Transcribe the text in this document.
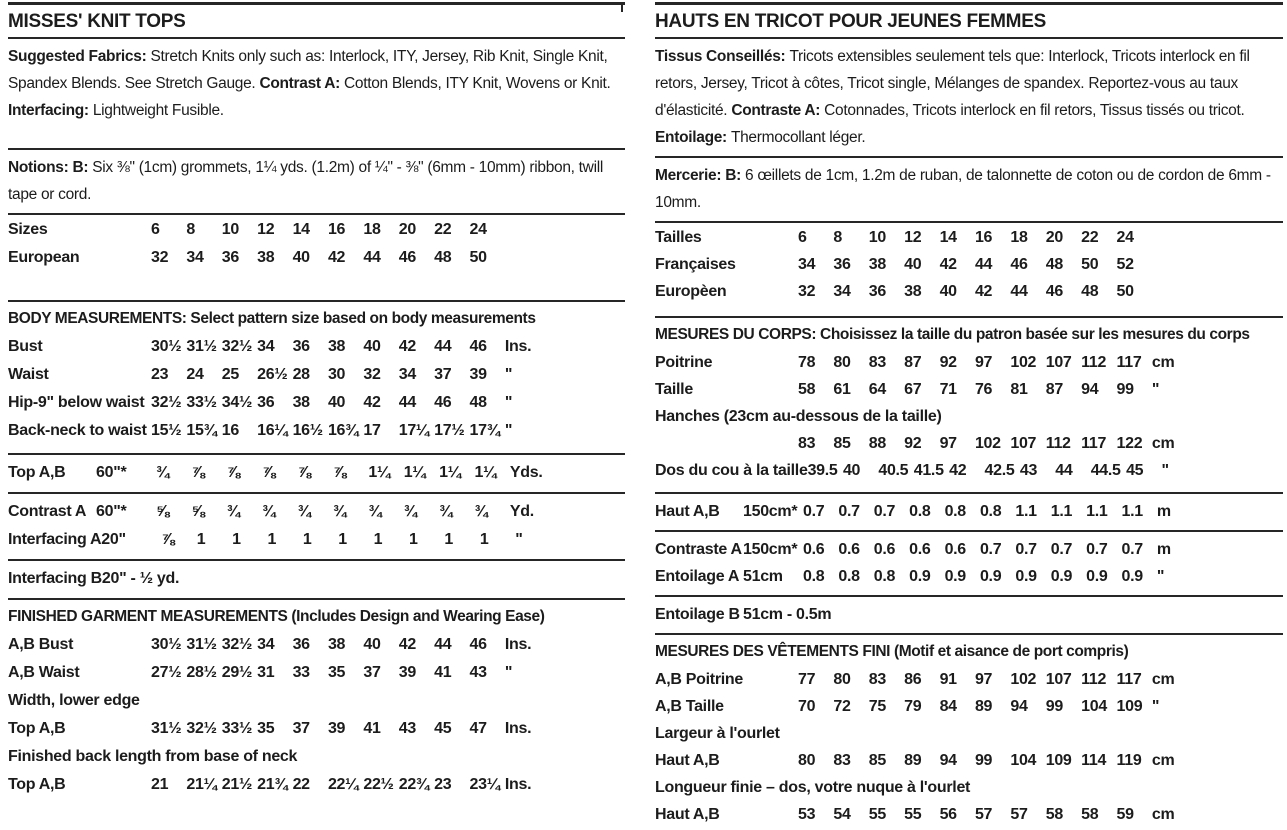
MISSES' KNIT TOPS
Suggested Fabrics: Stretch Knits only such as: Interlock, ITY, Jersey, Rib Knit, Single Knit, Spandex Blends. See Stretch Gauge. Contrast A: Cotton Blends, ITY Knit, Wovens or Knit. Interfacing: Lightweight Fusible.
Notions: B: Six ⅜" (1cm) grommets, 1¼ yds. (1.2m) of ¼" - ⅜" (6mm - 10mm) ribbon, twill tape or cord.
Sizes	6	8	10	12	14	16	18	20	22	24
European	32	34	36	38	40	42	44	46	48	50
BODY MEASUREMENTS: Select pattern size based on body measurements
Bust	30½ 31½ 32½ 34	36	38	40	42	44	46	Ins.
Waist	23	24	25	26½ 28	30	32	34	37	39	"
Hip-9" below waist 32½ 33½ 34½ 36	38	40	42	44	46	48	"
Back-neck to waist 15½ 15¾ 16	16¼ 16½ 16¾ 17	17¼ 17½ 17¾ "
Top A,B	60"*	¾	⅞	⅞	⅞	⅞	⅞	1¼ 1¼ 1¼ 1¼ Yds.
Contrast A 60"*	⅝	⅝	¾	¾	¾	¾	¾	¾	¾	¾	Yd.
Interfacing A 20"	⅞	1	1	1	1	1	1	1	1	1	"
Interfacing B 20" - ½ yd.
FINISHED GARMENT MEASUREMENTS (Includes Design and Wearing Ease)
A,B Bust	30½ 31½ 32½ 34	36	38	40	42	44	46	Ins.
A,B Waist	27½ 28½ 29½ 31	33	35	37	39	41	43	"
Width, lower edge
Top A,B	31½ 32½ 33½ 35	37	39	41	43	45	47	Ins.
Finished back length from base of neck
Top A,B	21	21¼ 21½ 21¾ 22	22¼ 22½ 22¾ 23	23¼ Ins.
HAUTS EN TRICOT POUR JEUNES FEMMES
Tissus Conseillés: Tricots extensibles seulement tels que: Interlock, Tricots interlock en fil retors, Jersey, Tricot à côtes, Tricot single, Mélanges de spandex. Reportez-vous au taux d'élasticité. Contraste A: Cotonnades, Tricots interlock en fil retors, Tissus tissés ou tricot. Entoilage: Thermocollant léger.
Mercerie: B: 6 œillets de 1cm, 1.2m de ruban, de talonnette de coton ou de cordon de 6mm - 10mm.
Tailles	6	8	10	12	14	16	18	20	22	24
Françaises	34	36	38	40	42	44	46	48	50	52
Europèen	32	34	36	38	40	42	44	46	48	50
MESURES DU CORPS: Choisissez la taille du patron basée sur les mesures du corps
Poitrine	78	80	83	87	92	97	102 107 112 117 cm
Taille	58	61	64	67	71	76	81	87	94	99	"
Hanches (23cm au-dessous de la taille)
83	85	88	92	97	102 107 112 117 122 cm
Dos du cou à la taille 39.5 40	40.5 41.5 42	42.5 43	44	44.5 45	"
Haut A,B	150cm* 0.7 0.7 0.7 0.8 0.8 0.8 1.1 1.1 1.1 1.1 m
Contraste A 150cm* 0.6 0.6 0.6 0.6 0.6 0.7 0.7 0.7 0.7 0.7 m
Entoilage A 51cm	0.8 0.8 0.8 0.9 0.9 0.9 0.9 0.9 0.9 0.9 "
Entoilage B 51cm - 0.5m
MESURES DES VÊTEMENTS FINI (Motif et aisance de port compris)
A,B Poitrine	77	80	83	86	91	97	102 107 112 117 cm
A,B Taille	70	72	75	79	84	89	94	99	104 109 "
Largeur à l'ourlet
Haut A,B	80	83	85	89	94	99	104 109 114 119 cm
Longueur finie – dos, votre nuque à l'ourlet
Haut A,B	53	54	55	55	56	57	57	58	58	59	cm
